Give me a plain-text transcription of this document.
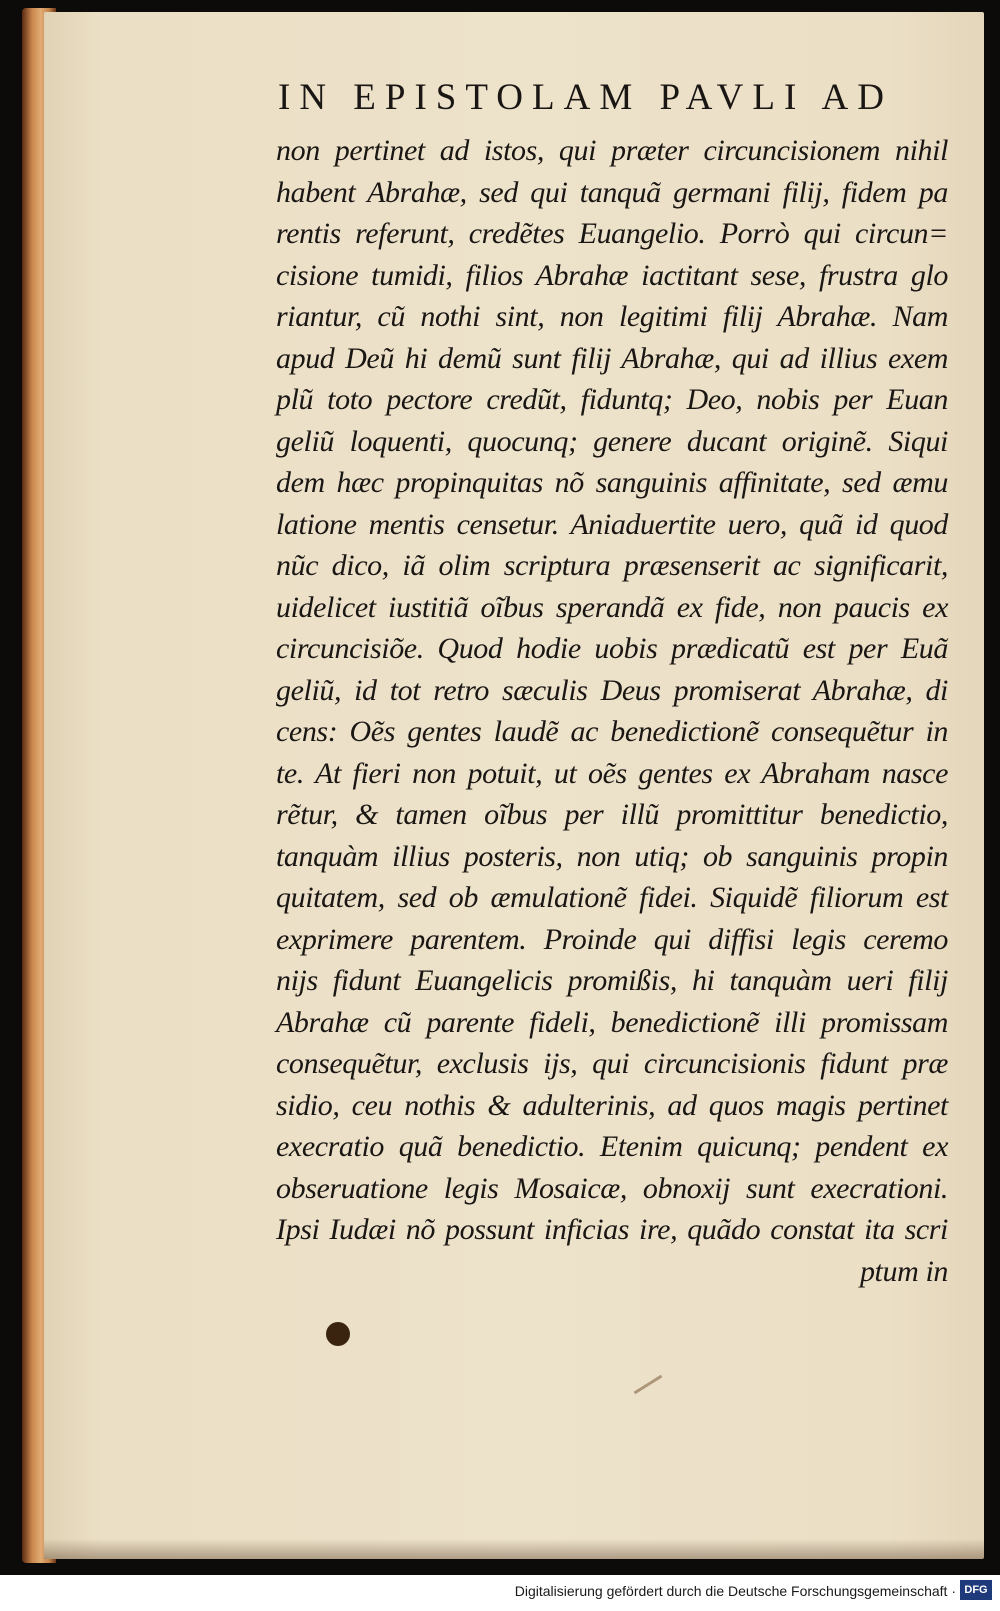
IN EPISTOLAM PAVLI AD
non pertinet ad istos, qui præter circuncisionem nihil
habent Abrahæ, sed qui tanquã germani filij, fidem pa
rentis referunt, credẽtes Euangelio. Porrò qui circun=
cisione tumidi, filios Abrahæ iactitant sese, frustra glo
riantur, cũ nothi sint, non legitimi filij Abrahæ. Nam
apud Deũ hi demũ sunt filij Abrahæ, qui ad illius exem
plũ toto pectore credũt, fiduntq; Deo, nobis per Euan
geliũ loquenti, quocunq; genere ducant originẽ. Siqui
dem hæc propinquitas nõ sanguinis affinitate, sed æmu
latione mentis censetur. Aniaduertite uero, quã id quod
nũc dico, iã olim scriptura præsenserit ac significarit,
uidelicet iustitiã oĩbus sperandã ex fide, non paucis ex
circuncisiõe. Quod hodie uobis prædicatũ est per Euã
geliũ, id tot retro sæculis Deus promiserat Abrahæ, di
cens: Oẽs gentes laudẽ ac benedictionẽ consequẽtur in
te. At fieri non potuit, ut oẽs gentes ex Abraham nasce
rẽtur, & tamen oĩbus per illũ promittitur benedictio,
tanquàm illius posteris, non utiq; ob sanguinis propin
quitatem, sed ob æmulationẽ fidei. Siquidẽ filiorum est
exprimere parentem. Proinde qui diffisi legis ceremo
nijs fidunt Euangelicis promißis, hi tanquàm ueri filij
Abrahæ cũ parente fideli, benedictionẽ illi promissam
consequẽtur, exclusis ijs, qui circuncisionis fidunt præ
sidio, ceu nothis & adulterinis, ad quos magis pertinet
execratio quã benedictio. Etenim quicunq; pendent ex
obseruatione legis Mosaicæ, obnoxij sunt execrationi.
Ipsi Iudæi nõ possunt inficias ire, quãdo constat ita scri
ptum in
Digitalisierung gefördert durch die Deutsche Forschungsgemeinschaft · DFG
